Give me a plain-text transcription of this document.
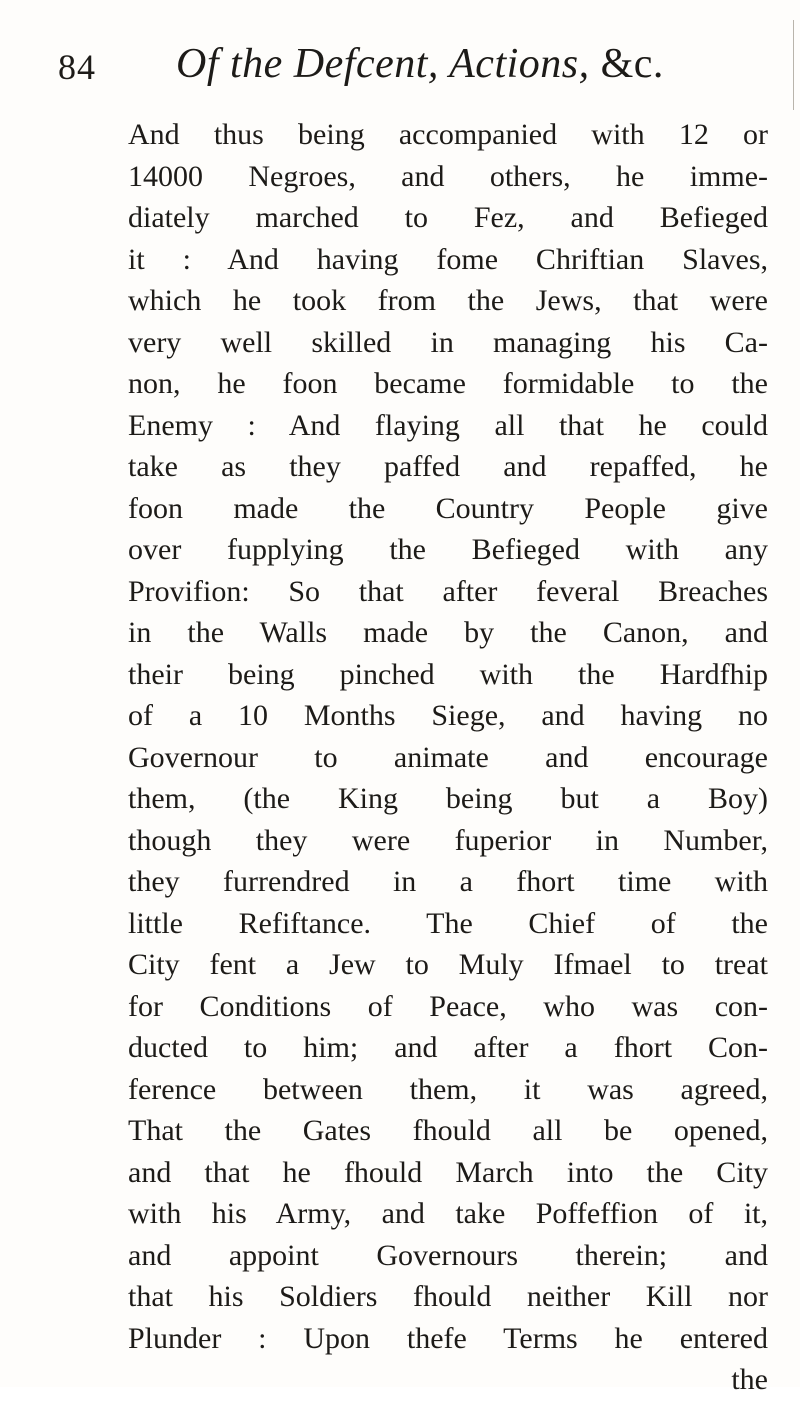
84 Of the Defcent, Actions, &c.
And thus being accompanied with 12 or
14000 Negroes, and others, he imme-
diately marched to Fez, and Befieged
it : And having fome Chriftian Slaves,
which he took from the Jews, that were
very well skilled in managing his Ca-
non, he foon became formidable to the
Enemy : And flaying all that he could
take as they paffed and repaffed, he
foon made the Country People give
over fupplying the Befieged with any
Provifion: So that after feveral Breaches
in the Walls made by the Canon, and
their being pinched with the Hardfhip
of a 10 Months Siege, and having no
Governour to animate and encourage
them, (the King being but a Boy)
though they were fuperior in Number,
they furrendred in a fhort time with
little Refiftance. The Chief of the
City fent a Jew to Muly Ifmael to treat
for Conditions of Peace, who was con-
ducted to him; and after a fhort Con-
ference between them, it was agreed,
That the Gates fhould all be opened,
and that he fhould March into the City
with his Army, and take Poffeffion of it,
and appoint Governours therein; and
that his Soldiers fhould neither Kill nor
Plunder : Upon thefe Terms he entered
the
